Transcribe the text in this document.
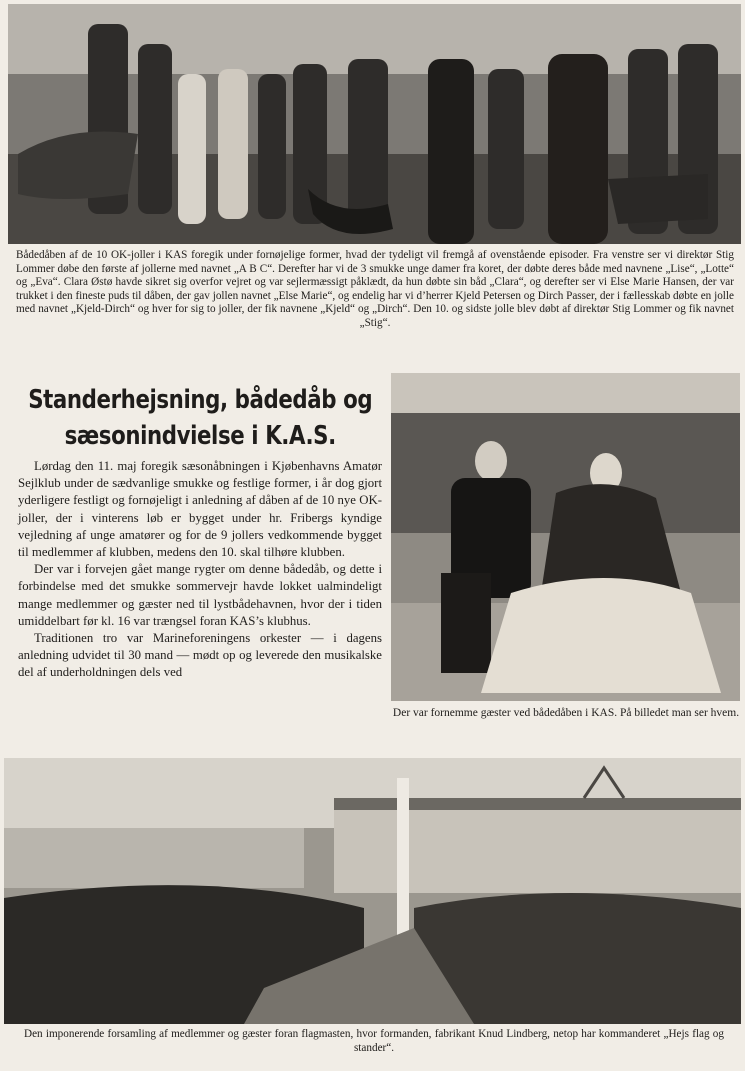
Bådedåben af de 10 OK-joller i KAS foregik under fornøjelige former, hvad der tydeligt vil fremgå af ovenstående episoder. Fra venstre ser vi direktør Stig Lommer døbe den første af jollerne med navnet „A B C“. Derefter har vi de 3 smukke unge damer fra koret, der døbte deres både med navnene „Lise“, „Lotte“ og „Eva“. Clara Østø havde sikret sig overfor vejret og var sejlermæssigt påklædt, da hun døbte sin båd „Clara“, og derefter ser vi Else Marie Hansen, der var trukket i den fineste puds til dåben, der gav jollen navnet „Else Marie“, og endelig har vi d’herrer Kjeld Petersen og Dirch Passer, der i fællesskab døbte en jolle med navnet „Kjeld-Dirch“ og hver for sig to joller, der fik navnene „Kjeld“ og „Dirch“. Den 10. og sidste jolle blev døbt af direktør Stig Lommer og fik navnet „Stig“.
Standerhejsning, bådedåb og sæsonindvielse i K.A.S.

Lørdag den 11. maj foregik sæsonåbningen i Kjøbenhavns Amatør Sejlklub under de sædvanlige smukke og festlige former, i år dog gjort yderligere festligt og fornøjeligt i anledning af dåben af de 10 nye OK-joller, der i vinterens løb er bygget under hr. Fribergs kyndige vejledning af unge amatører og for de 9 jollers vedkommende bygget til medlemmer af klubben, medens den 10. skal tilhøre klubben.

Der var i forvejen gået mange rygter om denne bådedåb, og dette i forbindelse med det smukke sommervejr havde lokket ualmindeligt mange medlemmer og gæster ned til lystbådehavnen, hvor der i tiden umiddelbart før kl. 16 var trængsel foran KAS’s klubhus.

Traditionen tro var Marineforeningens orkester — i dagens anledning udvidet til 30 mand — mødt op og leverede den musikalske del af underholdningen dels ved

Der var fornemme gæster ved bådedåben i KAS. På billedet man ser hvem.
Den imponerende forsamling af medlemmer og gæster foran flagmasten, hvor formanden, fabrikant Knud Lindberg, netop har kommanderet „Hejs flag og stander“.
